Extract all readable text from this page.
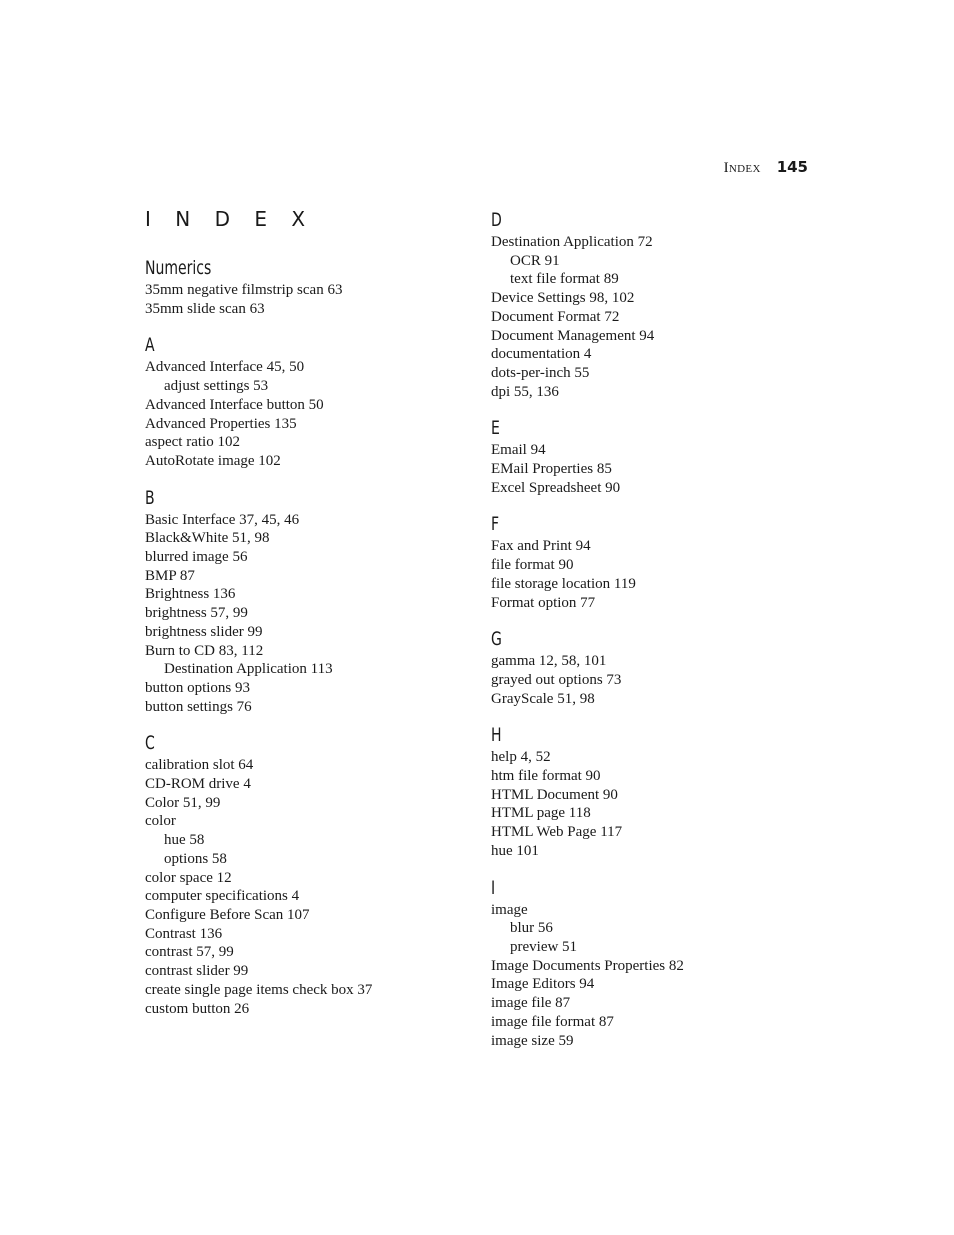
Index 145
I N D E X
Numerics
35mm negative filmstrip scan 63
35mm slide scan 63
A
Advanced Interface 45, 50
adjust settings 53
Advanced Interface button 50
Advanced Properties 135
aspect ratio 102
AutoRotate image 102
B
Basic Interface 37, 45, 46
Black&White 51, 98
blurred image 56
BMP 87
Brightness 136
brightness 57, 99
brightness slider 99
Burn to CD 83, 112
Destination Application 113
button options 93
button settings 76
C
calibration slot 64
CD-ROM drive 4
Color 51, 99
color
hue 58
options 58
color space 12
computer specifications 4
Configure Before Scan 107
Contrast 136
contrast 57, 99
contrast slider 99
create single page items check box 37
custom button 26
D
Destination Application 72
OCR 91
text file format 89
Device Settings 98, 102
Document Format 72
Document Management 94
documentation 4
dots-per-inch 55
dpi 55, 136
E
Email 94
EMail Properties 85
Excel Spreadsheet 90
F
Fax and Print 94
file format 90
file storage location 119
Format option 77
G
gamma 12, 58, 101
grayed out options 73
GrayScale 51, 98
H
help 4, 52
htm file format 90
HTML Document 90
HTML page 118
HTML Web Page 117
hue 101
I
image
blur 56
preview 51
Image Documents Properties 82
Image Editors 94
image file 87
image file format 87
image size 59
